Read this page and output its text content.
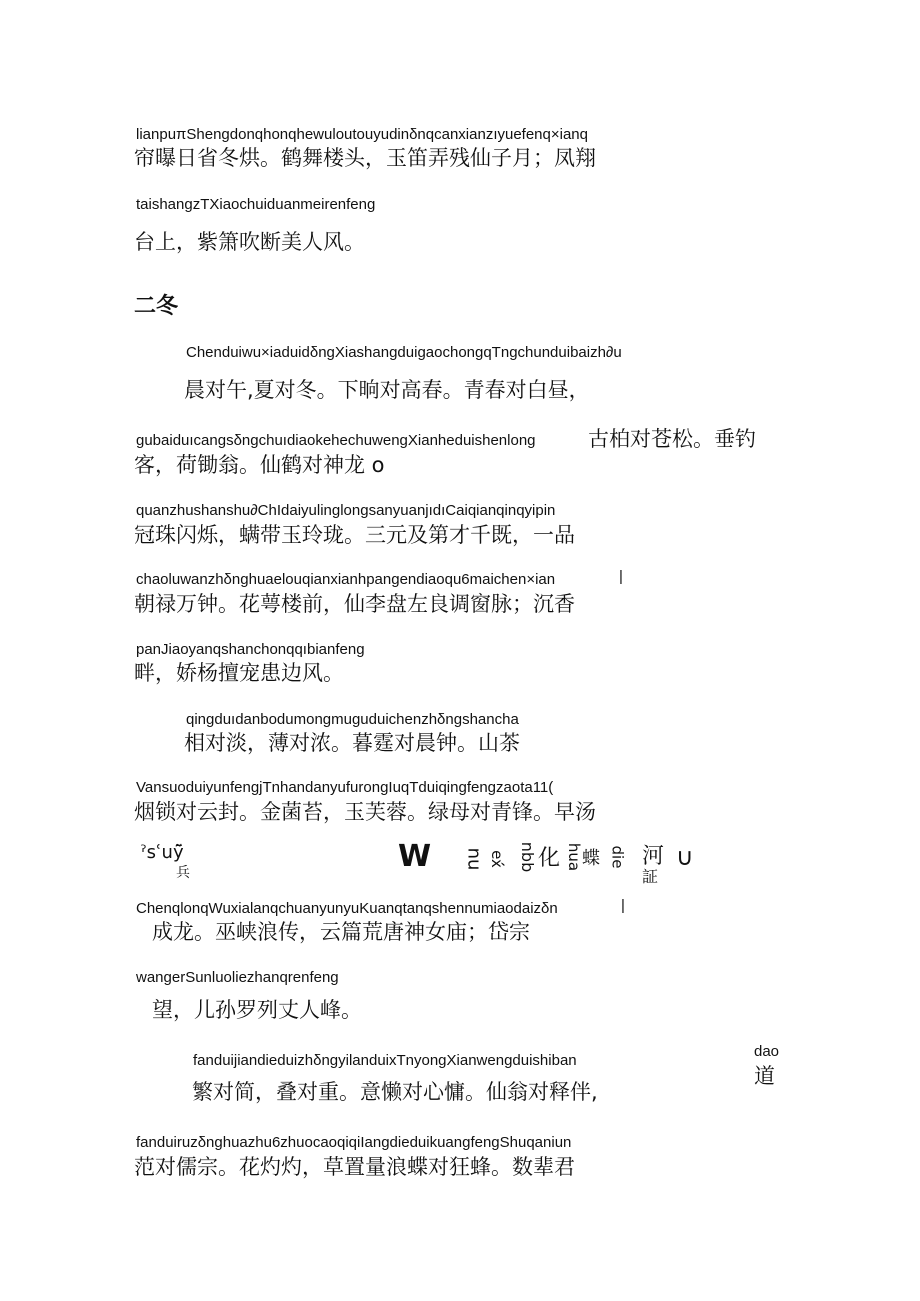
lianpuπShengdonqhonqhewuloutouyudinδnqcanxianzıyuefenq×ianq
帘曝日省冬烘。鹤舞楼头，玉笛弄残仙子月；凤翔
taishangzTXiaochuiduanmeirenfeng
台上，紫箫吹断美人风。
二冬
Chenduiwu×iaduidδngXiashangduigaochongqTngchunduibaizh∂u
晨对午,夏对冬。下晌对高春。青春对白昼，
gubaiduıcangsδngchuıdiaokehechuwengXianheduishenlong 古柏对苍松。垂钓
客，荷锄翁。仙鹤对神龙 o
quanzhushanshu∂ChIdaiyulinglongsanyuanjıdıCaiqianqinqyipin
冠珠闪烁，螨带玉玲珑。三元及第才千既，一品
chaoluwanzhδnghuaelouqianxianhpangendiaoqu6maichen×ian	|
朝禄万钟。花萼楼前，仙李盘左良调窗脉；沉香
panJiaoyanqshanchonqqıbianfeng
畔，娇杨擅宠患边风。
qingduıdanbodumongmuguduichenzhδngshancha
相对淡，薄对浓。暮霆对晨钟。山茶
VansuoduiyunfengjTnhandanyufurongIuqTduiqingfengzaota11(
烟锁对云封。金菌苔，玉芙蓉。绿母对青锋。早汤
ˀsʿuỹ̄
兵	W nu ex́́ nbb 化 hua
蝶 die 河
証
∪
ChenqlonqWuxialanqchuanyunyuKuanqtanqshennumiaodaizδn	|
成龙。巫峡浪传，云篇荒唐神女庙；岱宗
wangerSunluoliezhanqrenfeng
望，儿孙罗列丈人峰。
fanduijiandieduizhδngyilanduixTnyongXianwengduishiban
dao
道
繁对简，叠对重。意懒对心慵。仙翁对释伴,
fanduiruzδnghuazhu6zhuocaoqiqiIangdieduikuangfengShuqaniun
范对儒宗。花灼灼，草置量浪蝶对狂蜂。数辈君
